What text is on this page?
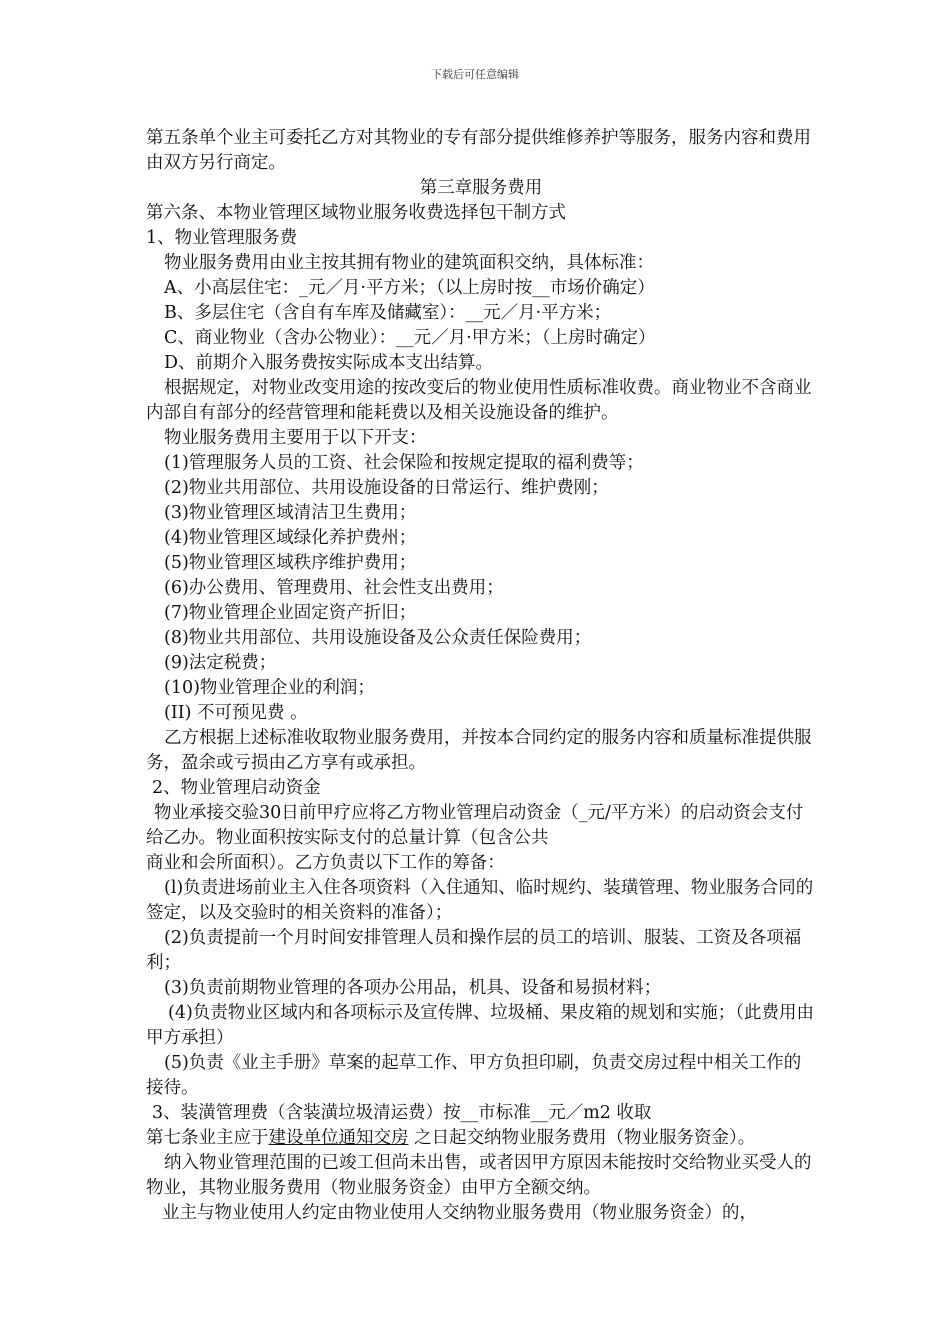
下载后可任意编辑

第五条单个业主可委托乙方对其物业的专有部分提供维修养护等服务，服务内容和费用由双方另行商定。

第三章服务费用

第六条、本物业管理区域物业服务收费选择包干制方式

1、物业管理服务费

物业服务费用由业主按其拥有物业的建筑面积交纳，具体标准：

A、小高层住宅：_元／月·平方米；（以上房时按__市场价确定）

B、多层住宅（含自有车库及储藏室）：__元／月·平方米；

C、商业物业（含办公物业）：__元／月·甲方米；（上房时确定）

D、前期介入服务费按实际成本支出结算。

根据规定，对物业改变用途的按改变后的物业使用性质标准收费。商业物业不含商业内部自有部分的经营管理和能耗费以及相关设施设备的维护。

物业服务费用主要用于以下开支：

(1)管理服务人员的工资、社会保险和按规定提取的福利费等；

(2)物业共用部位、共用设施设备的日常运行、维护费刚；

(3)物业管理区域清洁卫生费用；

(4)物业管理区域绿化养护费州；

(5)物业管理区域秩序维护费用；

(6)办公费用、管理费用、社会性支出费用；

(7)物业管理企业固定资产折旧；

(8)物业共用部位、共用设施设备及公众责任保险费用；

(9)法定税费；

(10)物业管理企业的利润；

(II) 不可预见费 。

乙方根据上述标准收取物业服务费用，并按本合同约定的服务内容和质量标准提供服务，盈余或亏损由乙方享有或承担。

2、物业管理启动资金

物业承接交验30日前甲疗应将乙方物业管理启动资金（_元/平方米）的启动资会支付给乙办。物业面积按实际支付的总量计算（包含公共

商业和会所面积）。乙方负责以下工作的筹备：

(l)负责进场前业主入住各项资料（入住通知、临时规约、装璜管理、物业服务合同的签定，以及交验时的相关资料的准备）；

(2)负责提前一个月时间安排管理人员和操作层的员工的培训、服装、工资及各项福利；

(3)负责前期物业管理的各项办公用品，机具、设备和易损材料；

(4)负责物业区域内和各项标示及宣传牌、垃圾桶、果皮箱的规划和实施；（此费用由甲方承担）

(5)负责《业主手册》草案的起草工作、甲方负担印刷，负责交房过程中相关工作的接待。

3、装潢管理费（含装潢垃圾清运费）按__市标准__元／m2 收取

第七条业主应于建设单位通知交房 之日起交纳物业服务费用（物业服务资金）。

纳入物业管理范围的已竣工但尚未出售，或者因甲方原因未能按时交给物业买受人的物业，其物业服务费用（物业服务资金）由甲方全额交纳。

业主与物业使用人约定由物业使用人交纳物业服务费用（物业服务资金）的，
